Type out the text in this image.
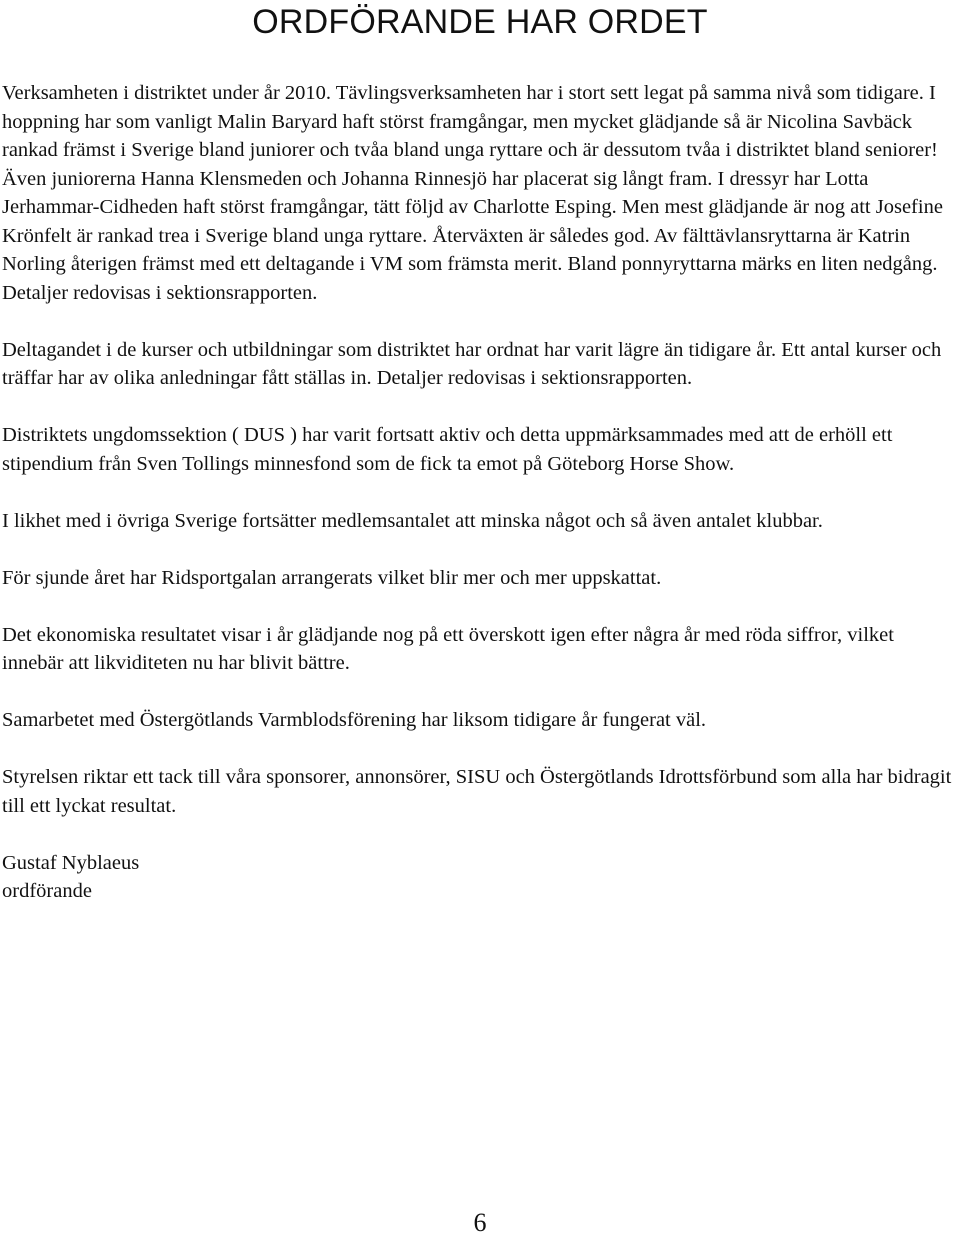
ORDFÖRANDE HAR ORDET

Verksamheten i distriktet under år 2010. Tävlingsverksamheten har i stort sett legat på samma nivå som tidigare. I hoppning har som vanligt Malin Baryard haft störst framgångar, men mycket glädjande så är Nicolina Savbäck rankad främst i Sverige bland juniorer och tvåa bland unga ryttare och är dessutom tvåa i distriktet bland seniorer! Även juniorerna Hanna Klensmeden och Johanna Rinnesjö har placerat sig långt fram. I dressyr har Lotta Jerhammar-Cidheden haft störst framgångar, tätt följd av Charlotte Esping. Men mest glädjande är nog att Josefine Krönfelt är rankad trea i Sverige bland unga ryttare. Återväxten är således god. Av fälttävlansryttarna är Katrin Norling återigen främst med ett deltagande i VM som främsta merit. Bland ponnyryttarna märks en liten nedgång. Detaljer redovisas i sektionsrapporten.

Deltagandet i de kurser och utbildningar som distriktet har ordnat har varit lägre än tidigare år. Ett antal kurser och träffar har av olika anledningar fått ställas in. Detaljer redovisas i sektionsrapporten.

Distriktets ungdomssektion ( DUS ) har varit fortsatt aktiv och detta uppmärksammades med att de erhöll ett stipendium från Sven Tollings minnesfond som de fick ta emot på Göteborg Horse Show.

I likhet med i övriga Sverige fortsätter medlemsantalet att minska något och så även antalet klubbar.

För sjunde året har Ridsportgalan arrangerats vilket blir mer och mer uppskattat.

Det ekonomiska resultatet visar i år glädjande nog på ett överskott igen efter några år med röda siffror, vilket innebär att likviditeten nu har blivit bättre.

Samarbetet med Östergötlands Varmblodsförening har liksom tidigare år fungerat väl.

Styrelsen riktar ett tack till våra sponsorer, annonsörer, SISU och Östergötlands Idrottsförbund som alla har bidragit till ett lyckat resultat.

Gustaf Nyblaeus
ordförande
6
